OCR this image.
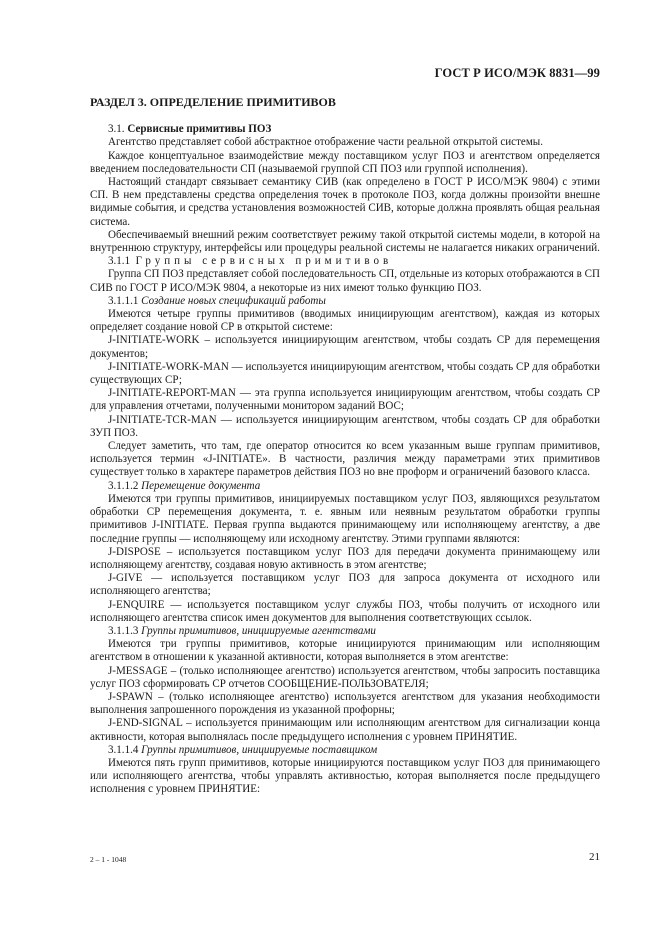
ГОСТ Р ИСО/МЭК 8831—99

РАЗДЕЛ 3. ОПРЕДЕЛЕНИЕ ПРИМИТИВОВ

3.1. Сервисные примитивы ПОЗ

Агентство представляет собой абстрактное отображение части реальной открытой системы.

Каждое концептуальное взаимодействие между поставщиком услуг ПОЗ и агентством определяется введением последовательности СП (называемой группой СП ПОЗ или группой исполнения).

Настоящий стандарт связывает семантику СИВ (как определено в ГОСТ Р ИСО/МЭК 9804) с этими СП. В нем представлены средства определения точек в протоколе ПОЗ, когда должны произойти внешне видимые события, и средства установления возможностей СИВ, которые должна проявлять общая реальная система.

Обеспечиваемый внешний режим соответствует режиму такой открытой системы модели, в которой на внутреннюю структуру, интерфейсы или процедуры реальной системы не налагается никаких ограничений.

3.1.1 Группы сервисных примитивов

Группа СП ПОЗ представляет собой последовательность СП, отдельные из которых отображаются в СП СИВ по ГОСТ Р ИСО/МЭК 9804, а некоторые из них имеют только функцию ПОЗ.

3.1.1.1 Создание новых спецификаций работы

Имеются четыре группы примитивов (вводимых инициирующим агентством), каждая из которых определяет создание новой СР в открытой системе:

J-INITIATE-WORK – используется инициирующим агентством, чтобы создать СР для перемещения документов;

J-INITIATE-WORK-MAN — используется инициирующим агентством, чтобы создать СР для обработки существующих СР;

J-INITIATE-REPORT-MAN — эта группа используется инициирующим агентством, чтобы создать СР для управления отчетами, полученными монитором заданий ВОС;

J-INITIATE-TCR-MAN — используется инициирующим агентством, чтобы создать СР для обработки ЗУП ПОЗ.

Следует заметить, что там, где оператор относится ко всем указанным выше группам примитивов, используется термин «J-INITIATE». В частности, различия между параметрами этих примитивов существует только в характере параметров действия ПОЗ но вне проформ и ограничений базового класса.

3.1.1.2 Перемещение документа

Имеются три группы примитивов, инициируемых поставщиком услуг ПОЗ, являющихся результатом обработки СР перемещения документа, т. е. явным или неявным результатом обработки группы примитивов J-INITIATE. Первая группа выдаются принимающему или исполняющему агентству, а две последние группы — исполняющему или исходному агентству. Этими группами являются:

J-DISPOSE – используется поставщиком услуг ПОЗ для передачи документа принимающему или исполняющему агентству, создавая новую активность в этом агентстве;

J-GIVE — используется поставщиком услуг ПОЗ для запроса документа от исходного или исполняющего агентства;

J-ENQUIRE — используется поставщиком услуг службы ПОЗ, чтобы получить от исходного или исполняющего агентства список имен документов для выполнения соответствующих ссылок.

3.1.1.3 Группы примитивов, инициируемые агентствами

Имеются три группы примитивов, которые инициируются принимающим или исполняющим агентством в отношении к указанной активности, которая выполняется в этом агентстве:

J-MESSAGE – (только исполняющее агентство) используется агентством, чтобы запросить поставщика услуг ПОЗ сформировать СР отчетов СООБЩЕНИЕ-ПОЛЬЗОВАТЕЛЯ;

J-SPAWN – (только исполняющее агентство) используется агентством для указания необходимости выполнения запрошенного порождения из указанной профорны;

J-END-SIGNAL – используется принимающим или исполняющим агентством для сигнализации конца активности, которая выполнялась после предыдущего исполнения с уровнем ПРИНЯТИЕ.

3.1.1.4 Группы примитивов, инициируемые поставщиком

Имеются пять групп примитивов, которые инициируются поставщиком услуг ПОЗ для принимающего или исполняющего агентства, чтобы управлять активностью, которая выполняется после предыдущего исполнения с уровнем ПРИНЯТИЕ:

2 – 1 - 1048	21
